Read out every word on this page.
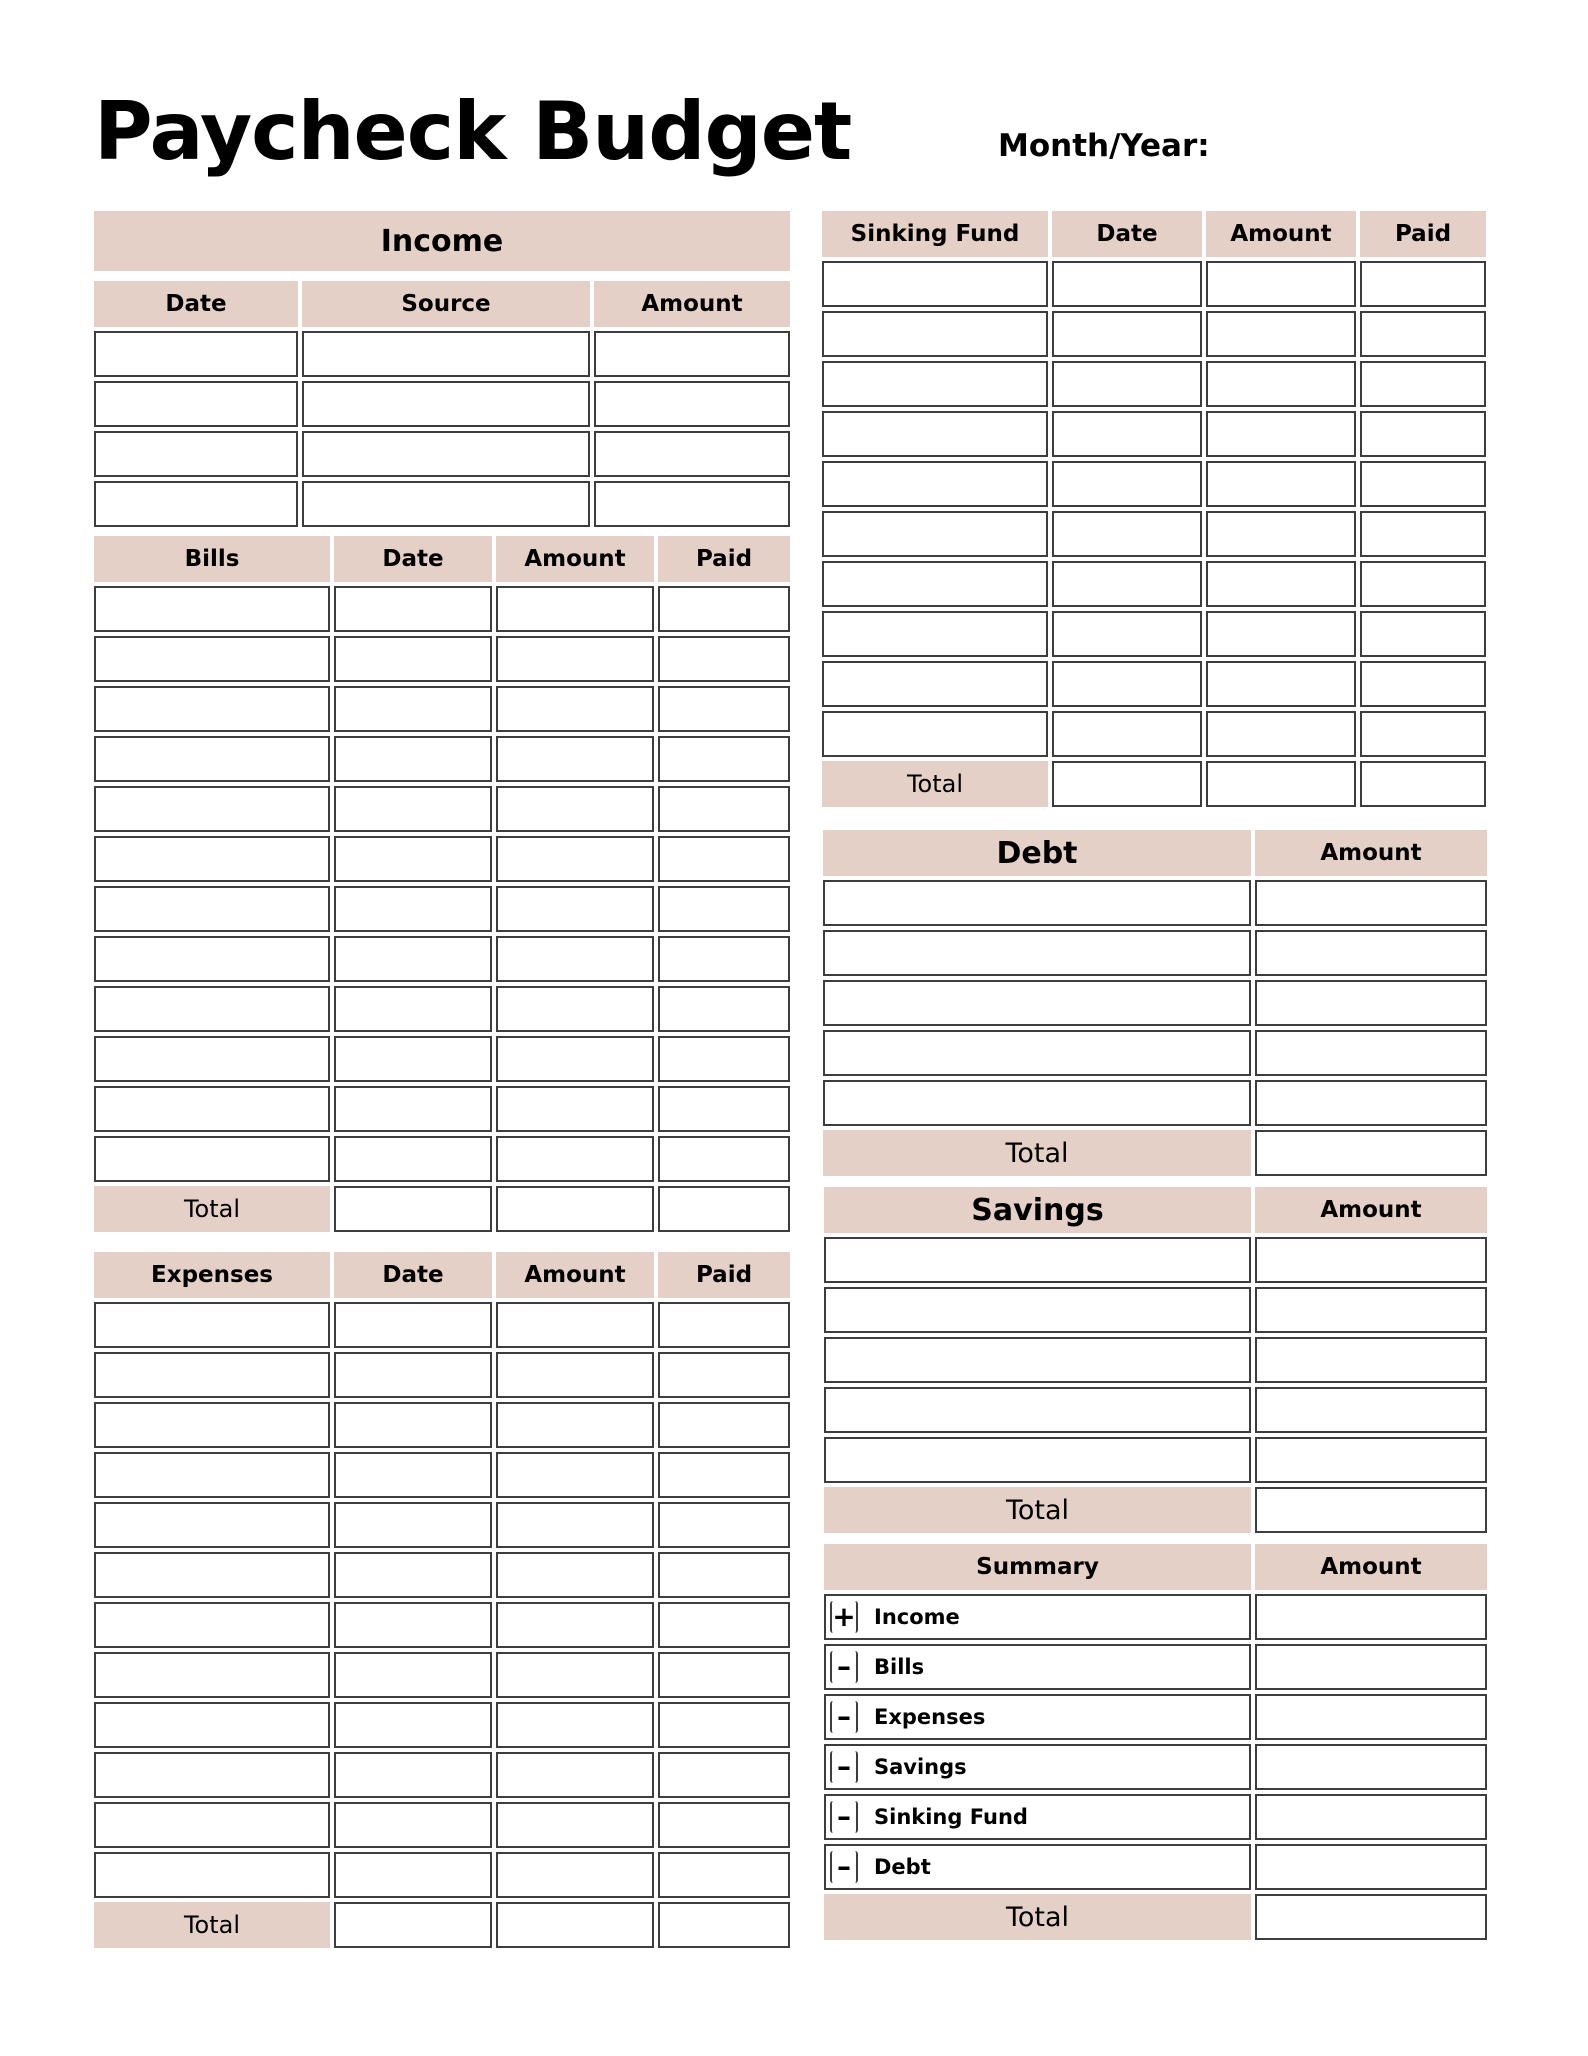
Paycheck Budget	Month/Year:
Income
Date	Source	Amount
Bills	Date	Amount	Paid
Total
Expenses	Date	Amount	Paid
Total
Sinking Fund	Date	Amount	Paid
Total
Debt	Amount
Total
Savings	Amount
Total
Summary	Amount
+ Income
–	Bills
–	Expenses
–	Savings
–	Sinking Fund
–	Debt
Total
